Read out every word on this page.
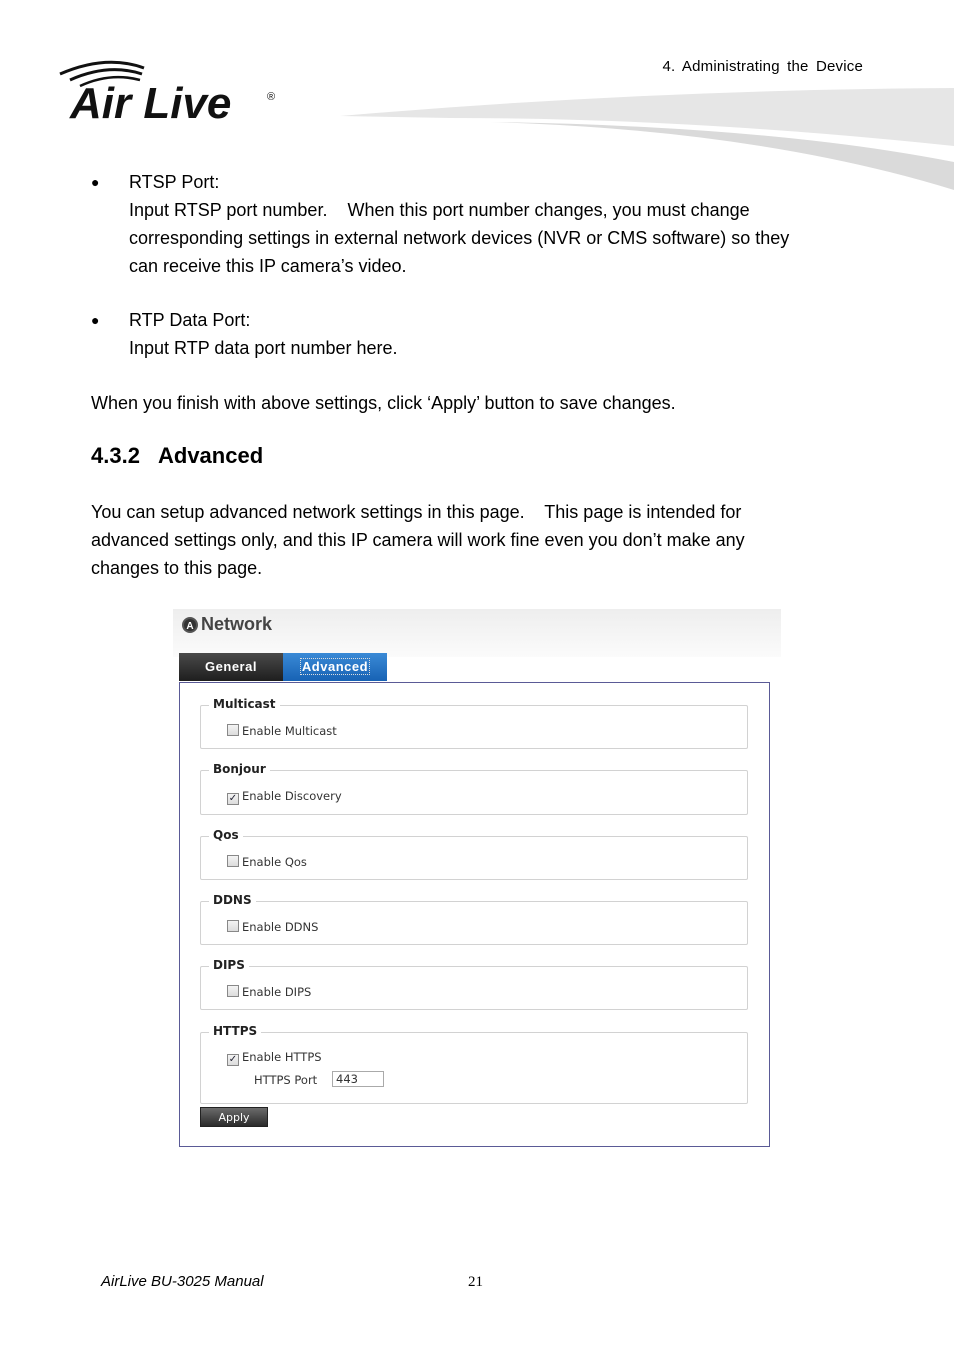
4. Administrating the Device
Air Live	®
● RTSP Port:
Input RTSP port number.    When this port number changes, you must change
corresponding settings in external network devices (NVR or CMS software) so they
can receive this IP camera’s video.
● RTP Data Port:
Input RTP data port number here.
When you finish with above settings, click ‘Apply’ button to save changes.
4.3.2 Advanced
You can setup advanced network settings in this page.    This page is intended for
advanced settings only, and this IP camera will work fine even you don’t make any
changes to this page.
A Network
General	Advanced
Multicast
Enable Multicast
Bonjour
✓ Enable Discovery
Qos
Enable Qos
DDNS
Enable DDNS
DIPS
Enable DIPS
HTTPS
✓ Enable HTTPS
HTTPS Port
443
Apply
AirLive BU-3025 Manual	21
